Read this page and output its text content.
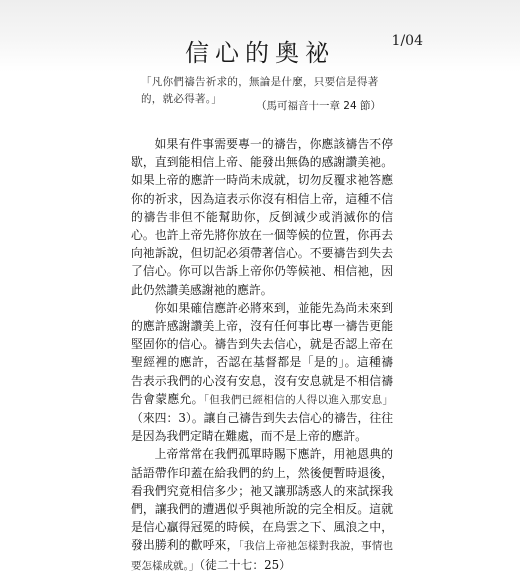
信心的奧祕	1/04
「凡你們禱告祈求的，無論是什麼，只要信是得著的，就必得著。」
（馬可福音十一章 24 節）

如果有件事需要專一的禱告，你應該禱告不停歇，直到能相信上帝、能發出無偽的感謝讚美祂。如果上帝的應許一時尚未成就，切勿反覆求祂答應你的祈求，因為這表示你沒有相信上帝，這種不信的禱告非但不能幫助你，反倒減少或消滅你的信心。也許上帝先將你放在一個等候的位置，你再去向祂訴說，但切記必須帶著信心。不要禱告到失去了信心。你可以告訴上帝你仍等候祂、相信祂，因此仍然讚美感謝祂的應許。

你如果確信應許必將來到，並能先為尚未來到的應許感謝讚美上帝，沒有任何事比專一禱告更能堅固你的信心。禱告到失去信心，就是否認上帝在聖經裡的應許，否認在基督都是「是的」。這種禱告表示我們的心沒有安息，沒有安息就是不相信禱告會蒙應允。「但我們已經相信的人得以進入那安息」（來四：3）。讓自己禱告到失去信心的禱告，往往是因為我們定睛在難處，而不是上帝的應許。

上帝常常在我們孤單時賜下應許，用祂恩典的話語帶作印蓋在給我們的約上，然後便暫時退後，看我們究竟相信多少；祂又讓那誘惑人的來試探我們，讓我們的遭遇似乎與祂所說的完全相反。這就是信心贏得冠冕的時候，在烏雲之下、風浪之中，發出勝利的歡呼來，「我信上帝祂怎樣對我說，事情也要怎樣成就。」（徒二十七：25）
